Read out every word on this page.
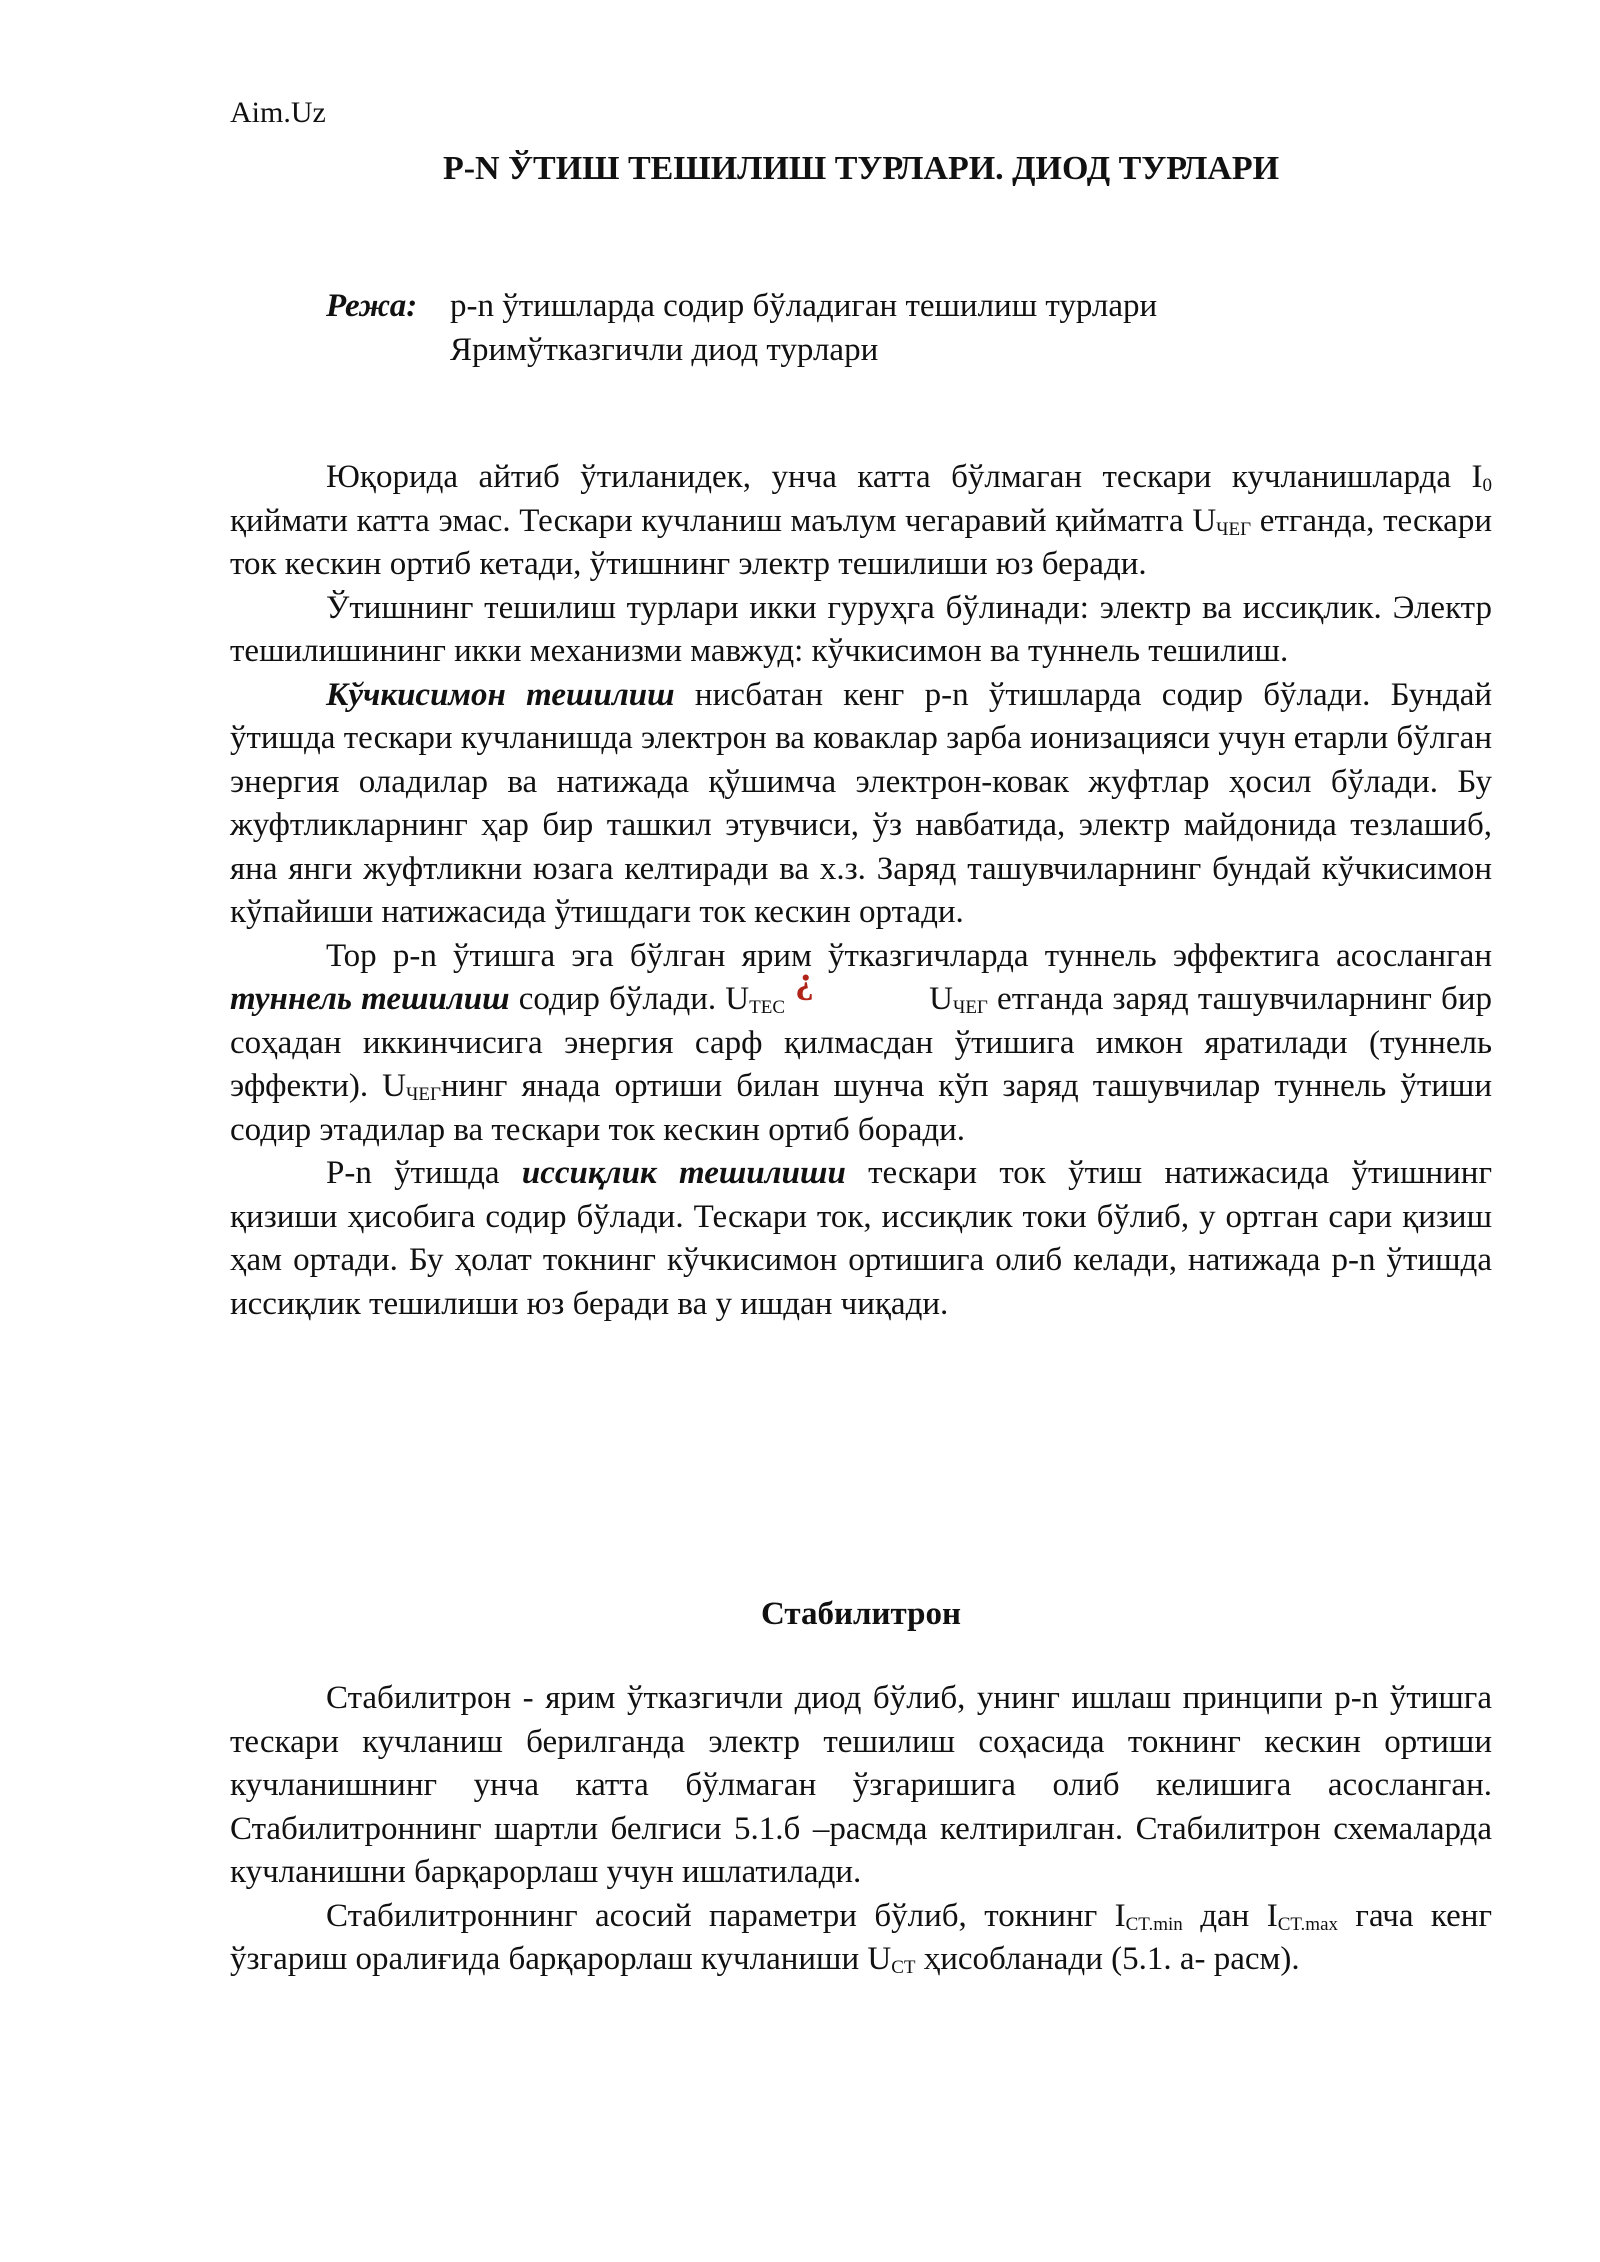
Aim.Uz
P-N ЎТИШ ТЕШИЛИШ ТУРЛАРИ. ДИОД ТУРЛАРИ
Режа: p-n ўтишларда содир бўладиган тешилиш турлари
Яримўтказгичли диод турлари

Юқорида айтиб ўтиланидек, унча катта бўлмаган тескари кучланишларда $I_0$ қиймати катта эмас. Тескари кучланиш маълум чегаравий қийматга $U_{ЧЕГ}$ етганда, тескари ток кескин ортиб кетади, ўтишнинг электр тешилиши юз беради.

Ўтишнинг тешилиш турлари икки гуруҳга бўлинади: электр ва иссиқлик. Электр тешилишининг икки механизми мавжуд: кўчкисимон ва туннель тешилиш.

Кўчкисимон тешилиш нисбатан кенг p-n ўтишларда содир бўлади. Бундай ўтишда тескари кучланишда электрон ва ковaклар зарба ионизацияси учун етарли бўлган энергия оладилар ва натижада қўшимча электрон-ковак жуфтлар ҳосил бўлади. Бу жуфтликларнинг ҳар бир ташкил этувчиси, ўз навбатида, электр майдонида тезлашиб, яна янги жуфтликни юзага келтиради ва х.з. Заряд ташувчиларнинг бундай кўчкисимон кўпайиши натижасида ўтишдаги ток кескин ортади.

Тор p-n ўтишга эга бўлган ярим ўтказгичларда туннель эффектига асосланган туннель тешилиш содир бўлади. $U_{ТЕС}$ ?	$U_{ЧЕГ}$ етганда заряд ташувчиларнинг бир соҳадан иккинчисига энергия сарф қилмасдан ўтишига имкон яратилади (туннель эффекти). $U_{ЧЕГ}нинг$ янада ортиши билан шунча кўп заряд ташувчилар туннель ўтиши содир этадилар ва тескари ток кескин ортиб боради.

P-n ўтишда иссиқлик тешилиши тескари ток ўтиш натижасида ўтишнинг қизиши ҳисобига содир бўлади. Тескари ток, иссиқлик токи бўлиб, у ортган сари қизиш ҳам ортади. Бу ҳолат токнинг кўчкисимон ортишига олиб келади, натижада p-n ўтишда иссиқлик тешилиши юз беради ва у ишдан чиқади.

Стабилитрон

Стабилитрон - ярим ўтказгичли диод бўлиб, унинг ишлаш принципи p-n ўтишга тескари кучланиш берилганда электр тешилиш соҳасида токнинг кескин ортиши кучланишнинг унча катта бўлмаган ўзгаришига олиб келишига асосланган. Стабилитроннинг шартли белгиси 5.1.б –расмда келтирилган. Стабилитрон схемаларда кучланишни барқарорлаш учун ишлатилади.

Стабилитроннинг асосий параметри бўлиб, токнинг $I_{CT.min}$ дан $I_{CT.max}$ гача кенг ўзгариш оралиғида барқарорлаш кучланиши $U_{CT}$ ҳисобланади (5.1. а- расм).
